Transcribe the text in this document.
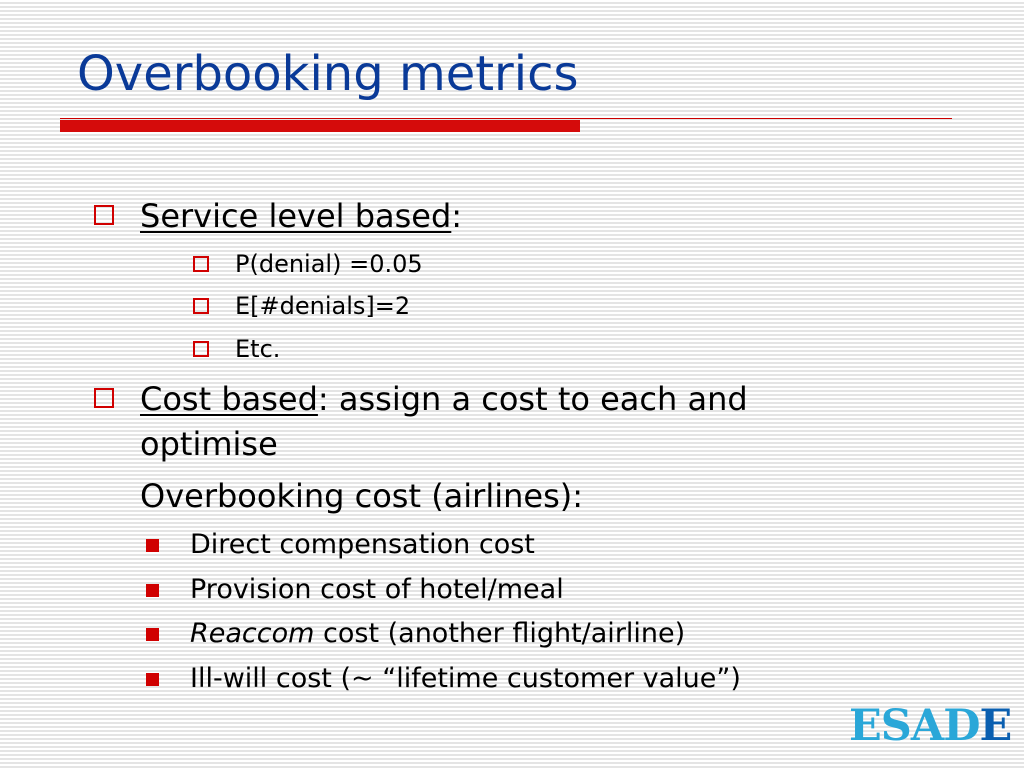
Overbooking metrics
Service level based:
P(denial) =0.05
E[#denials]=2
Etc.
Cost based: assign a cost to each and
optimise
Overbooking cost (airlines):
Direct compensation cost
Provision cost of hotel/meal
Reaccom cost (another flight/airline)
Ill-will cost (~ “lifetime customer value”)
ESADE
